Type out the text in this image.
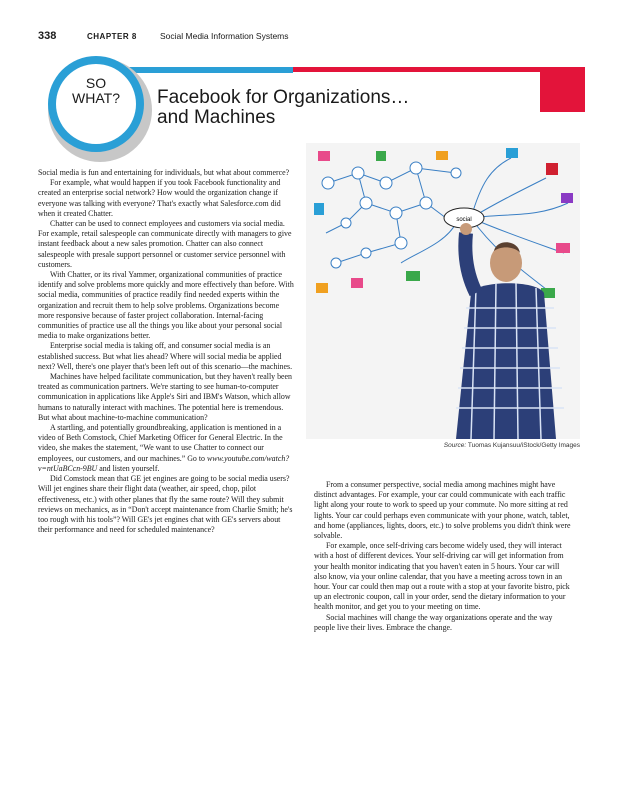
338	CHAPTER 8	Social Media Information Systems
SO
WHAT?	Facebook for Organizations…
and Machines
social
Source: Tuomas Kujansuu/iStock/Getty Images

Social media is fun and entertaining for individuals, but what about commerce?

For example, what would happen if you took Facebook functionality and created an enterprise social network? How would the organization change if everyone was talking with everyone? That's exactly what Salesforce.com did when it created Chatter.

Chatter can be used to connect employees and customers via social media. For example, retail salespeople can communicate directly with managers to give instant feedback about a new sales promotion. Chatter can also connect salespeople with presale support personnel or customer service personnel with customers.

With Chatter, or its rival Yammer, organizational communities of practice identify and solve problems more quickly and more effectively than before. With social media, communities of practice readily find needed experts within the organization and recruit them to help solve problems. Organizations become more responsive because of faster project collaboration. Internal-facing communities of practice use all the things you like about your personal social media to make organizations better.

Enterprise social media is taking off, and consumer social media is an established success. But what lies ahead? Where will social media be applied next? Well, there's one player that's been left out of this scenario—the machines.

Machines have helped facilitate communication, but they haven't really been treated as communication partners. We're starting to see human-to-computer communication in applications like Apple's Siri and IBM's Watson, which allow humans to naturally interact with machines. The potential here is tremendous. But what about machine-to-machine communication?

A startling, and potentially groundbreaking, application is mentioned in a video of Beth Comstock, Chief Marketing Officer for General Electric. In the video, she makes the statement, “We want to use Chatter to connect our employees, our customers, and our machines.” Go to www.youtube.com/watch?v=ntUaBCcn-9BU and listen yourself.

Did Comstock mean that GE jet engines are going to be social media users? Will jet engines share their flight data (weather, air speed, chop, pilot effectiveness, etc.) with other planes that fly the same route? Will they submit reviews on mechanics, as in “Don't accept maintenance from Charlie Smith; he's too rough with his tools”? Will GE's jet engines chat with GE's servers about their performance and need for scheduled maintenance?

From a consumer perspective, social media among machines might have distinct advantages. For example, your car could communicate with each traffic light along your route to work to speed up your commute. No more sitting at red lights. Your car could perhaps even communicate with your phone, watch, tablet, and home (appliances, lights, doors, etc.) to solve problems you didn't think were solvable.

For example, once self-driving cars become widely used, they will interact with a host of different devices. Your self-driving car will get information from your health monitor indicating that you haven't eaten in 5 hours. Your car will also know, via your online calendar, that you have a meeting across town in an hour. Your car could then map out a route with a stop at your favorite bistro, pick up an electronic coupon, call in your order, send the dietary information to your health monitor, and get you to your meeting on time.

Social machines will change the way organizations operate and the way people live their lives. Embrace the change.
